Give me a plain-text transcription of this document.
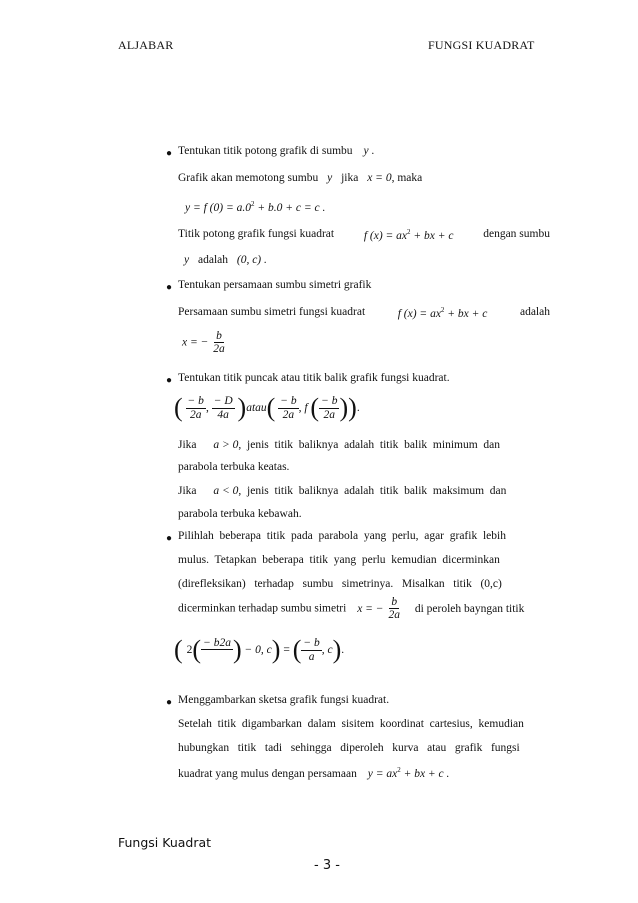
ALJABAR	FUNGSI KUADRAT
● Tentukan titik potong grafik di sumbu y .
Grafik akan memotong sumbu y jika x = 0, maka
y = f $(0) = a.0^2 + b.0 + c = c$ .
Titik potong grafik fungsi kuadrat	f $(x) = ax^2$ + bx + c	dengan sumbu
y adalah (0, c) .
● Tentukan persamaan sumbu simetri grafik
Persamaan sumbu simetri fungsi kuadrat	f $(x) = ax^2$ + bx + c	adalah
x = − $\frac{b}{2a}$
● Tentukan titik puncak atau titik balik grafik fungsi kuadrat.
( $\frac{- b}{2a}$ , $\frac{- D}{4a}$ )atau( $\frac{- b}{2a}$ , f ( $\frac{- b}{2a}$ )).
Jika a > 0,  jenis  titik  baliknya  adalah  titik  balik  minimum  dan
parabola terbuka keatas.
Jika a < 0,  jenis  titik  baliknya  adalah  titik  balik  maksimum  dan
parabola terbuka kebawah.
● Pilihlah  beberapa  titik  pada  parabola  yang  perlu,  agar  grafik  lebih
mulus.  Tetapkan  beberapa  titik  yang  perlu  kemudian  dicerminkan
(direfleksikan)   terhadap   sumbu   simetrinya.   Misalkan   titik   (0,c)
dicerminkan terhadap sumbu simetri x = − $\frac{b}{2a}$ di peroleh bayngan titik
( 2( − b2a ) − 0, c) = ( $\frac{- b}{a}$ , c).
● Menggambarkan sketsa grafik fungsi kuadrat.
Setelah  titik  digambarkan  dalam  sisitem  koordinat  cartesius,  kemudian
hubungkan   titik   tadi   sehingga   diperoleh   kurva   atau   grafik   fungsi
kuadrat yang mulus dengan persamaan $y = ax^2$ + bx + c .
Fungsi Kuadrat
- 3 -
